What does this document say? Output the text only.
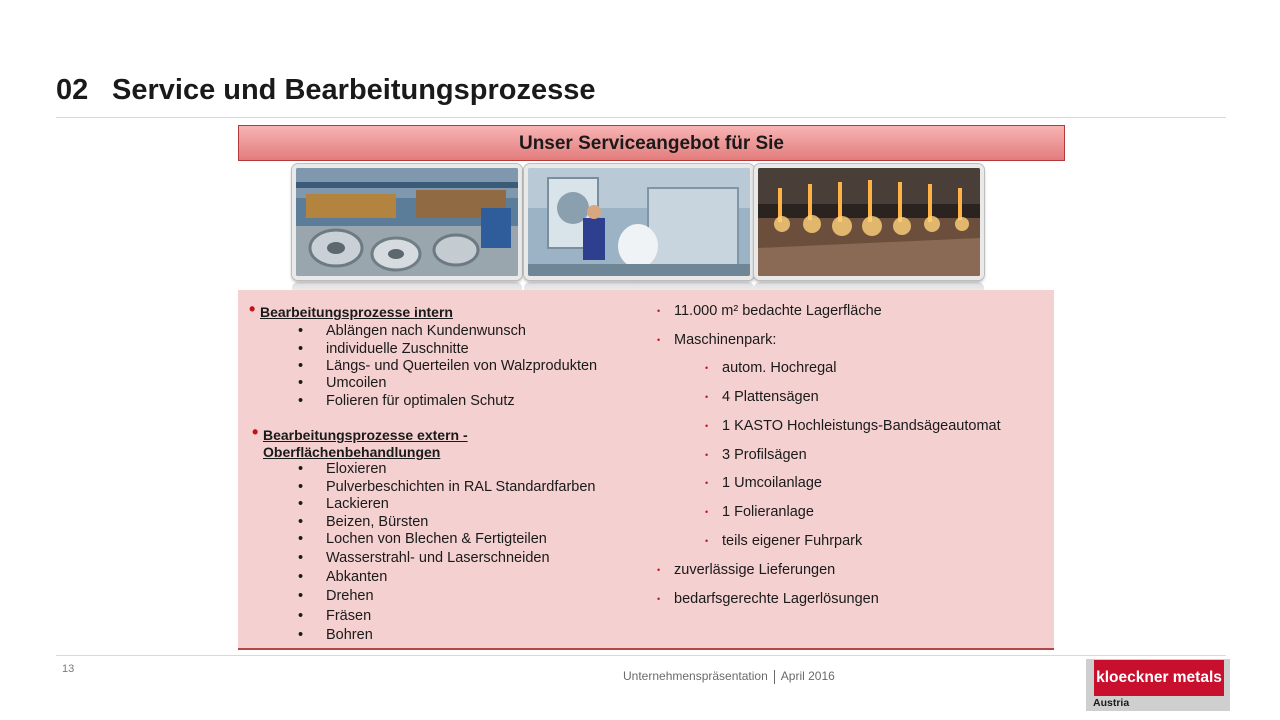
02 Service und Bearbeitungsprozesse
Unser Serviceangebot für Sie
• Bearbeitungsprozesse intern
• Ablängen nach Kundenwunsch
• individuelle Zuschnitte
• Längs- und Querteilen von Walzprodukten
• Umcoilen
• Folieren für optimalen Schutz
• Bearbeitungsprozesse extern -
Oberflächenbehandlungen
• Eloxieren
• Pulverbeschichten in RAL Standardfarben
• Lackieren
• Beizen, Bürsten
• Lochen von Blechen & Fertigteilen
• Wasserstrahl- und Laserschneiden
• Abkanten
• Drehen
• Fräsen
• Bohren
• 11.000 m² bedachte Lagerfläche
• Maschinenpark:
• autom. Hochregal
• 4 Plattensägen
• 1 KASTO Hochleistungs-Bandsägeautomat
• 3 Profilsägen
• 1 Umcoilanlage
• 1 Folieranlage
• teils eigener Fuhrpark
• zuverlässige Lieferungen
• bedarfsgerechte Lagerlösungen
13	Unternehmenspräsentation April 2016	kloeckner metals
Austria
